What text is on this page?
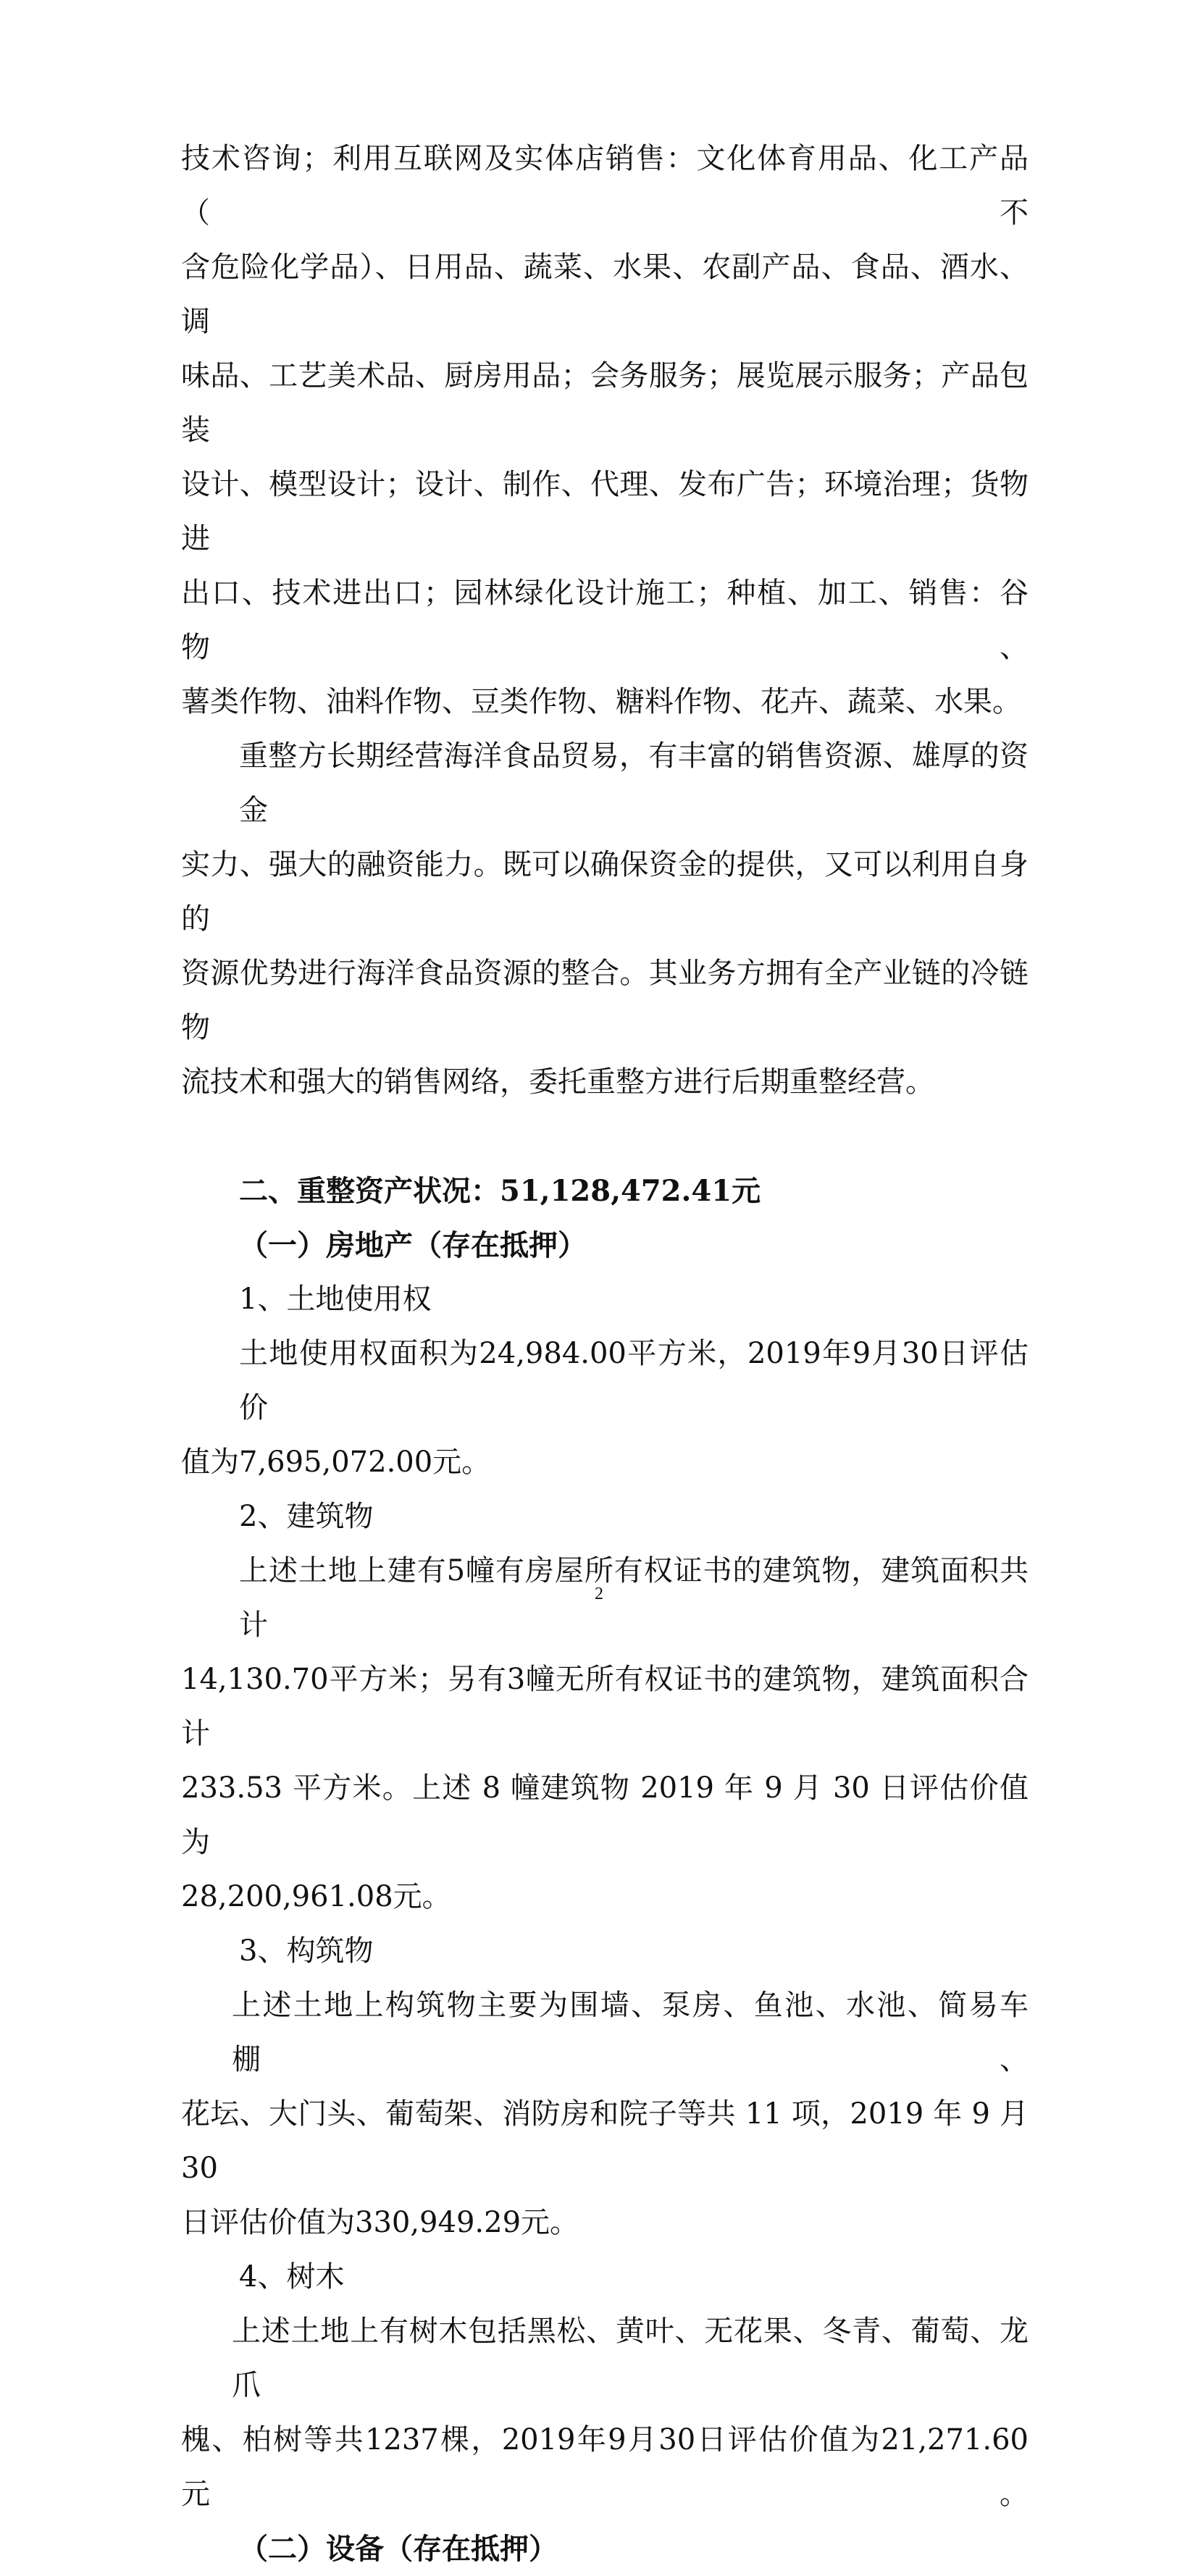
技术咨询；利用互联网及实体店销售：文化体育用品、化工产品（不
含危险化学品）、日用品、蔬菜、水果、农副产品、食品、酒水、调
味品、工艺美术品、厨房用品；会务服务；展览展示服务；产品包装
设计、模型设计；设计、制作、代理、发布广告；环境治理；货物进
出口、技术进出口；园林绿化设计施工；种植、加工、销售：谷物、
薯类作物、油料作物、豆类作物、糖料作物、花卉、蔬菜、水果。
重整方长期经营海洋食品贸易，有丰富的销售资源、雄厚的资金
实力、强大的融资能力。既可以确保资金的提供，又可以利用自身的
资源优势进行海洋食品资源的整合。其业务方拥有全产业链的冷链物
流技术和强大的销售网络，委托重整方进行后期重整经营。
二、重整资产状况：51,128,472.41元
（一）房地产（存在抵押）
1、土地使用权
土地使用权面积为24,984.00平方米，2019年9月30日评估价
值为7,695,072.00元。
2、建筑物
上述土地上建有5幢有房屋所有权证书的建筑物，建筑面积共计
14,130.70平方米；另有3幢无所有权证书的建筑物，建筑面积合计
233.53 平方米。上述 8 幢建筑物 2019 年 9 月 30 日评估价值为
28,200,961.08元。
3、构筑物
上述土地上构筑物主要为围墙、泵房、鱼池、水池、简易车棚、
花坛、大门头、葡萄架、消防房和院子等共 11 项，2019 年 9 月 30
日评估价值为330,949.29元。
4、树木
上述土地上有树木包括黑松、黄叶、无花果、冬青、葡萄、龙爪
槐、柏树等共1237棵，2019年9月30日评估价值为21,271.60元。
（二）设备（存在抵押）
2
